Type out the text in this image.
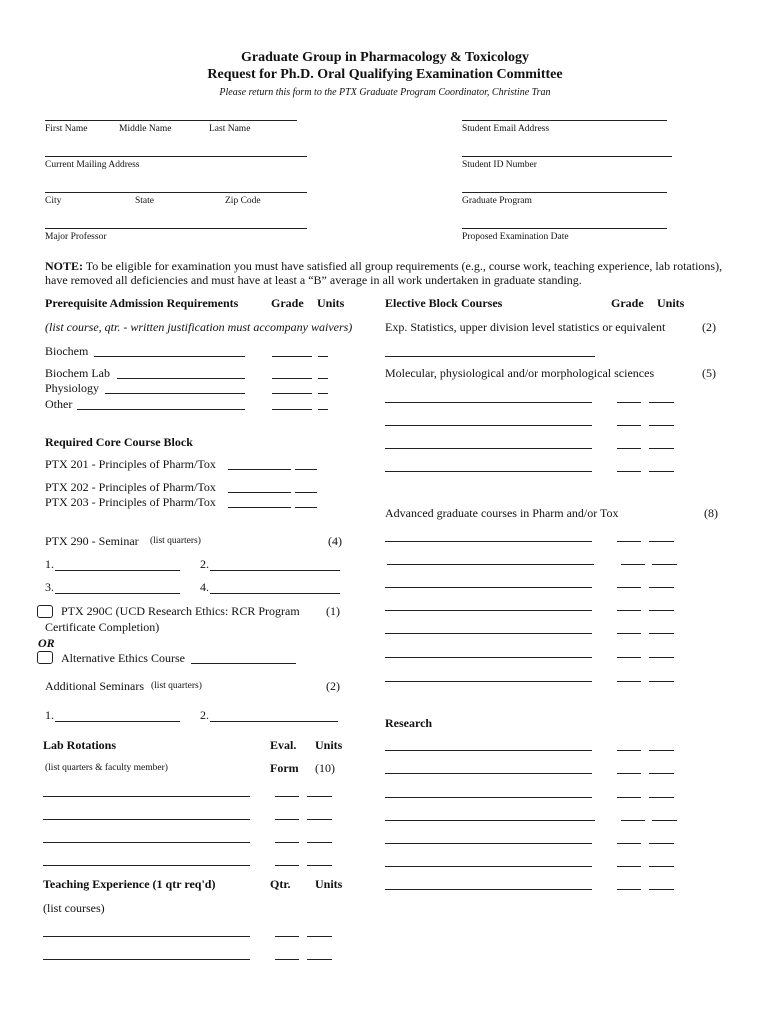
Graduate Group in Pharmacology & Toxicology
Request for Ph.D. Oral Qualifying Examination Committee
Please return this form to the PTX Graduate Program Coordinator, Christine Tran
First Name	Middle Name	Last Name	Student Email Address
Current Mailing Address	Student ID Number
City	State	Zip Code	Graduate Program
Major Professor	Proposed Examination Date
NOTE: To be eligible for examination you must have satisfied all group requirements (e.g., course work, teaching experience, lab rotations), have removed all deficiencies and must have at least a “B” average in all work undertaken in graduate standing.
Prerequisite Admission Requirements	Grade Units
(list course, qtr. - written justification must accompany waivers)
Biochem
Biochem Lab
Physiology
Other
Required Core Course Block
PTX 201 - Principles of Pharm/Tox
PTX 202 - Principles of Pharm/Tox
PTX 203 - Principles of Pharm/Tox
PTX 290 - Seminar (list quarters)	(4)
1.	2.
3.	4.
PTX 290C (UCD Research Ethics: RCR Program (1)
Certificate Completion)
OR
Alternative Ethics Course
Additional Seminars (list quarters)	(2)
1.	2.
Lab Rotations	Eval. Units
(list quarters & faculty member)	Form (10)
Teaching Experience (1 qtr req'd)	Qtr. Units
(list courses)
Elective Block Courses	Grade Units
Exp. Statistics, upper division level statistics or equivalent	(2)
Molecular, physiological and/or morphological sciences	(5)
Advanced graduate courses in Pharm and/or Tox	(8)
Research
